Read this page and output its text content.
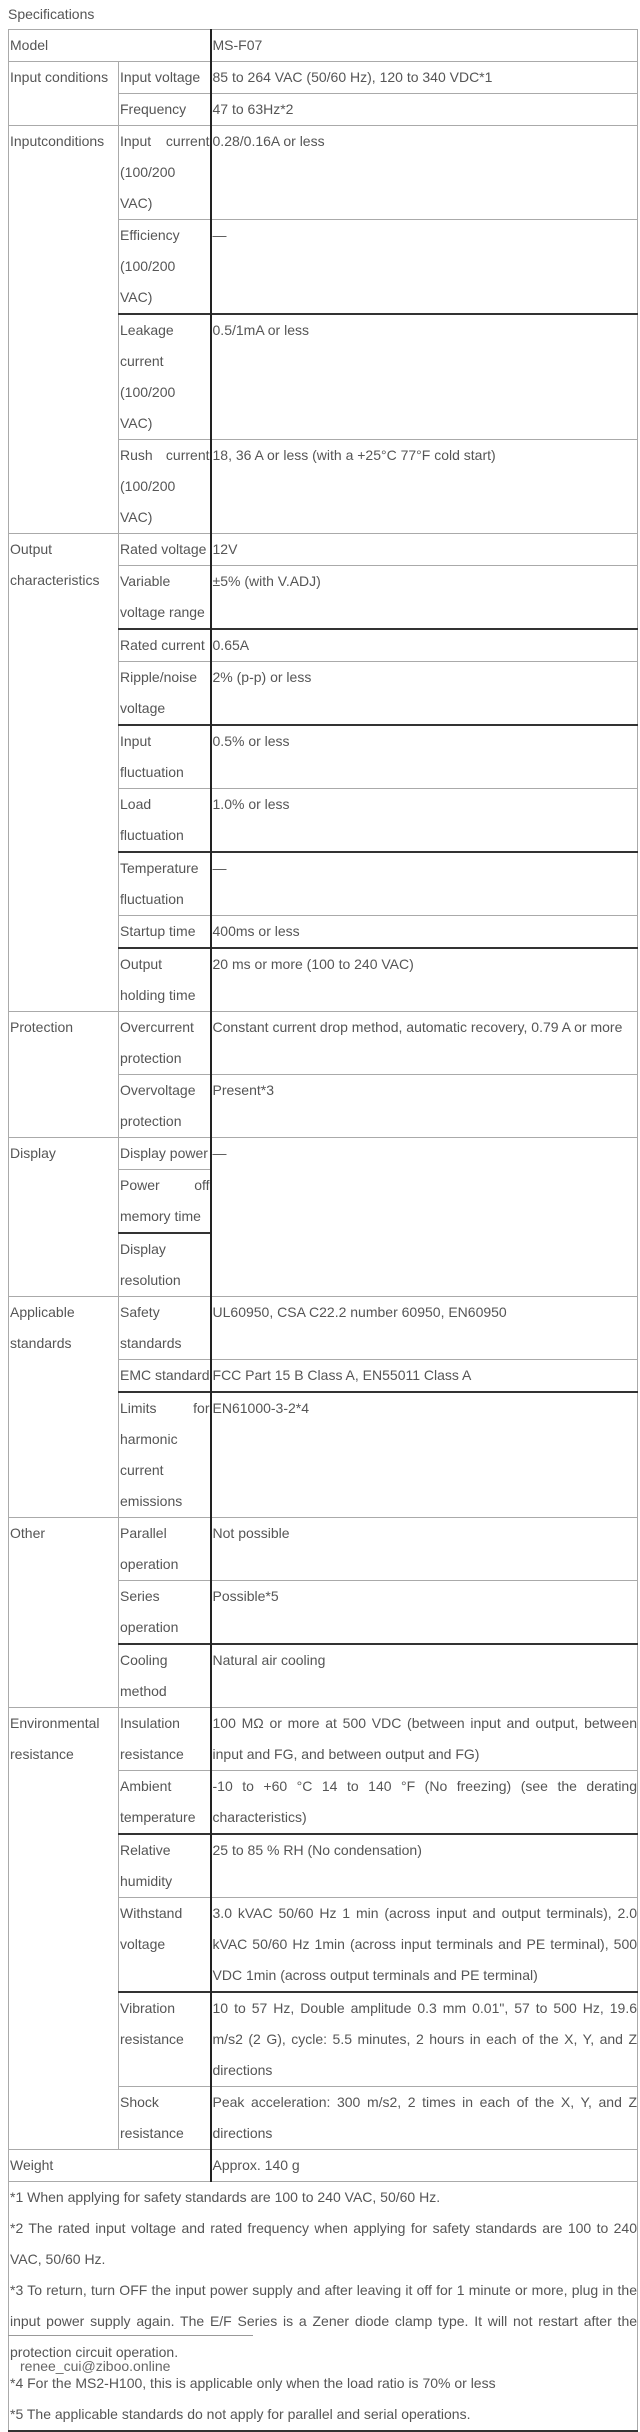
Specifications
Model		MS-F07
Input conditions	Input voltage	85 to 264 VAC (50/60 Hz), 120 to 340 VDC*1
	Frequency	47 to 63Hz*2
Inputconditions	Input current (100/200 VAC)	0.28/0.16A or less
	Efficiency (100/200 VAC)	—
	Leakage current (100/200 VAC)	0.5/1mA or less
	Rush current (100/200 VAC)	18, 36 A or less (with a +25°C 77°F cold start)
Output characteristics	Rated voltage	12V
	Variable voltage range	±5% (with V.ADJ)
	Rated current	0.65A
	Ripple/noise voltage	2% (p-p) or less
	Input fluctuation	0.5% or less
	Load fluctuation	1.0% or less
	Temperature fluctuation	—
	Startup time	400ms or less
	Output holding time	20 ms or more (100 to 240 VAC)
Protection	Overcurrent protection	Constant current drop method, automatic recovery, 0.79 A or more
	Overvoltage protection	Present*3
Display	Display power	—
	Power off memory time	
	Display resolution	
Applicable standards	Safety standards	UL60950, CSA C22.2 number 60950, EN60950
	EMC standard	FCC Part 15 B Class A, EN55011 Class A
	Limits for harmonic current emissions	EN61000-3-2*4
Other	Parallel operation	Not possible
	Series operation	Possible*5
	Cooling method	Natural air cooling
Environmental resistance	Insulation resistance	100 MΩ or more at 500 VDC (between input and output, between input and FG, and between output and FG)
	Ambient temperature	-10 to +60 °C 14 to 140 °F (No freezing) (see the derating characteristics)
	Relative humidity	25 to 85 % RH (No condensation)
	Withstand voltage	3.0 kVAC 50/60 Hz 1 min (across input and output terminals), 2.0 kVAC 50/60 Hz 1min (across input terminals and PE terminal), 500 VDC 1min (across output terminals and PE terminal)
	Vibration resistance	10 to 57 Hz, Double amplitude 0.3 mm 0.01", 57 to 500 Hz, 19.6 m/s2 (2 G), cycle: 5.5 minutes, 2 hours in each of the X, Y, and Z directions
	Shock resistance	Peak acceleration: 300 m/s2, 2 times in each of the X, Y, and Z directions
Weight		Approx. 140 g

*1 When applying for safety standards are 100 to 240 VAC, 50/60 Hz.
*2 The rated input voltage and rated frequency when applying for safety standards are 100 to 240 VAC, 50/60 Hz.
*3 To return, turn OFF the input power supply and after leaving it off for 1 minute or more, plug in the input power supply again. The E/F Series is a Zener diode clamp type. It will not restart after the protection circuit operation.
*4 For the MS2-H100, this is applicable only when the load ratio is 70% or less
*5 The applicable standards do not apply for parallel and serial operations.		
renee_cui@ziboo.online
